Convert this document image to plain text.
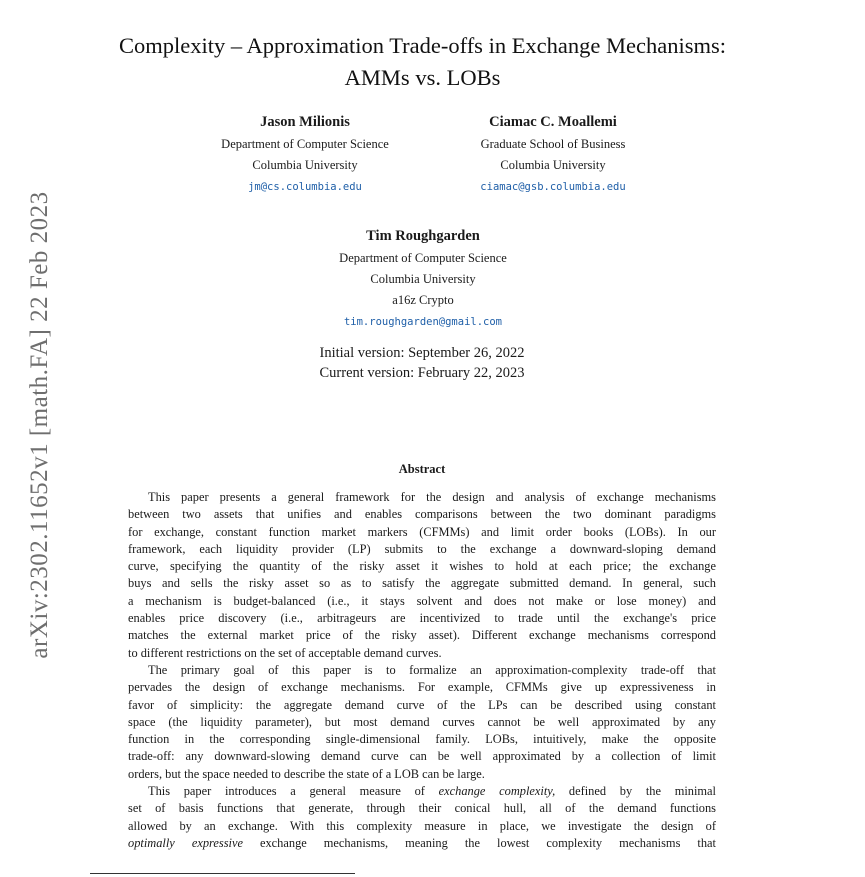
arXiv:2302.11652v1 [math.FA] 22 Feb 2023
Complexity – Approximation Trade-offs in Exchange Mechanisms:
AMMs vs. LOBs
Jason Milionis
Department of Computer Science
Columbia University
jm@cs.columbia.edu
Ciamac C. Moallemi
Graduate School of Business
Columbia University
ciamac@gsb.columbia.edu
Tim Roughgarden
Department of Computer Science
Columbia University
a16z Crypto
tim.roughgarden@gmail.com
Initial version: September 26, 2022
Current version: February 22, 2023
Abstract
This paper presents a general framework for the design and analysis of exchange mechanisms
between two assets that unifies and enables comparisons between the two dominant paradigms
for exchange, constant function market markers (CFMMs) and limit order books (LOBs). In our
framework, each liquidity provider (LP) submits to the exchange a downward-sloping demand
curve, specifying the quantity of the risky asset it wishes to hold at each price; the exchange
buys and sells the risky asset so as to satisfy the aggregate submitted demand. In general, such
a mechanism is budget-balanced (i.e., it stays solvent and does not make or lose money) and
enables price discovery (i.e., arbitrageurs are incentivized to trade until the exchange's price
matches the external market price of the risky asset). Different exchange mechanisms correspond
to different restrictions on the set of acceptable demand curves.
The primary goal of this paper is to formalize an approximation-complexity trade-off that
pervades the design of exchange mechanisms. For example, CFMMs give up expressiveness in
favor of simplicity: the aggregate demand curve of the LPs can be described using constant
space (the liquidity parameter), but most demand curves cannot be well approximated by any
function in the corresponding single-dimensional family. LOBs, intuitively, make the opposite
trade-off: any downward-slowing demand curve can be well approximated by a collection of limit
orders, but the space needed to describe the state of a LOB can be large.
This paper introduces a general measure of exchange complexity, defined by the minimal
set of basis functions that generate, through their conical hull, all of the demand functions
allowed by an exchange. With this complexity measure in place, we investigate the design of
optimally expressive exchange mechanisms, meaning the lowest complexity mechanisms that
